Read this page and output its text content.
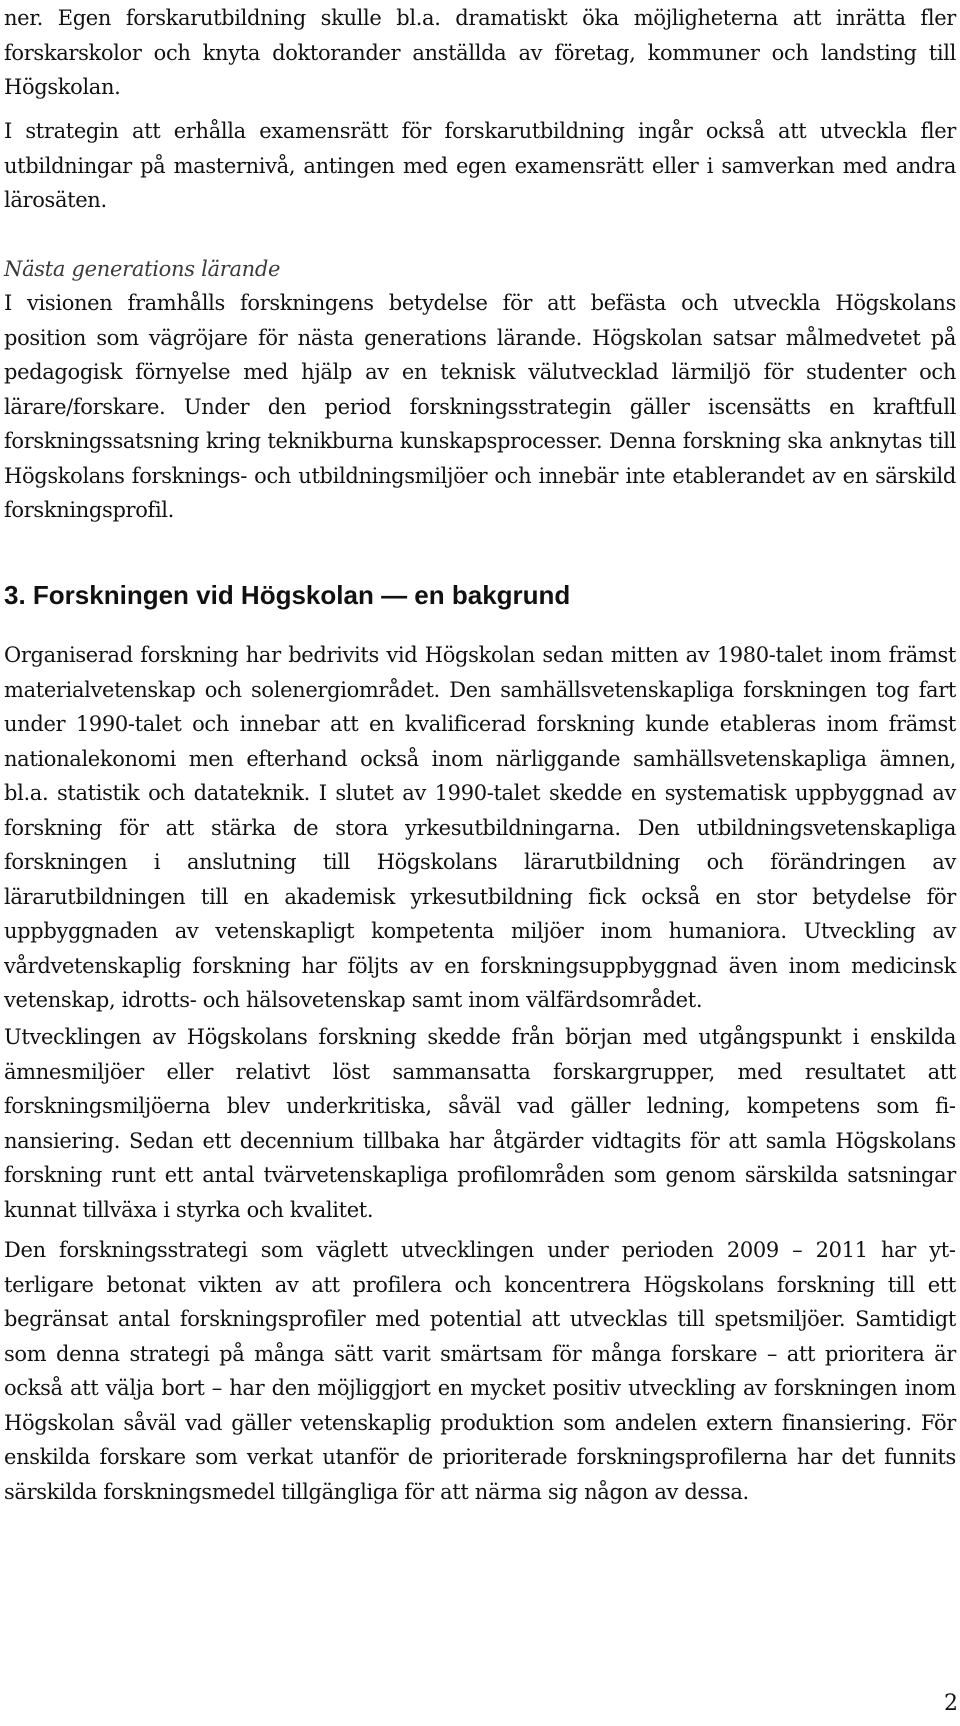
ner. Egen forskarutbildning skulle bl.a. dramatiskt öka möjligheterna att inrätta fler forskarskolor och knyta doktorander anställda av företag, kommuner och landsting till Högskolan.

I strategin att erhålla examensrätt för forskarutbildning ingår också att utveckla fler utbildningar på masternivå, antingen med egen examensrätt eller i samverkan med andra lärosäten.

Nästa generations lärande

I visionen framhålls forskningens betydelse för att befästa och utveckla Högskolans position som vägröjare för nästa generations lärande. Högskolan satsar målmedvetet på pedagogisk förnyelse med hjälp av en teknisk välutvecklad lärmiljö för studenter och lärare/forskare. Under den period forskningsstrategin gäller iscensätts en kraftfull forskningssatsning kring teknikburna kunskapsprocesser. Denna forskning ska anknytas till Högskolans forsknings- och utbildningsmiljöer och innebär inte etablerandet av en särskild forskningsprofil.

3. Forskningen vid Högskolan — en bakgrund

Organiserad forskning har bedrivits vid Högskolan sedan mitten av 1980-talet inom främst materialvetenskap och solenergiområdet. Den samhällsvetenskapliga forskningen tog fart under 1990-talet och innebar att en kvalificerad forskning kunde etableras inom främst nationalekonomi men efterhand också inom närliggande samhällsvetenskapliga ämnen, bl.a. statistik och datateknik. I slutet av 1990-talet skedde en systematisk uppbyggnad av forskning för att stärka de stora yrkesutbildningarna. Den utbildningsvetenskapliga forskningen i anslutning till Högskolans lärarutbildning och förändringen av lärarutbildningen till en akademisk yrkesutbildning fick också en stor betydelse för uppbyggnaden av vetenskapligt kompetenta miljöer inom humaniora. Utveckling av vårdvetenskaplig forskning har följts av en forskningsuppbyggnad även inom medicinsk vetenskap, idrotts- och hälsovetenskap samt inom välfärdsområdet.

Utvecklingen av Högskolans forskning skedde från början med utgångspunkt i enskilda ämnesmiljöer eller relativt löst sammansatta forskargrupper, med resultatet att forskningsmiljöerna blev underkritiska, såväl vad gäller ledning, kompetens som finansiering. Sedan ett decennium tillbaka har åtgärder vidtagits för att samla Högskolans forskning runt ett antal tvärvetenskapliga profilområden som genom särskilda satsningar kunnat tillväxa i styrka och kvalitet.

Den forskningsstrategi som väglett utvecklingen under perioden 2009 – 2011 har ytterligare betonat vikten av att profilera och koncentrera Högskolans forskning till ett begränsat antal forskningsprofiler med potential att utvecklas till spetsmiljöer. Samtidigt som denna strategi på många sätt varit smärtsam för många forskare – att prioritera är också att välja bort – har den möjliggjort en mycket positiv utveckling av forskningen inom Högskolan såväl vad gäller vetenskaplig produktion som andelen extern finansiering. För enskilda forskare som verkat utanför de prioriterade forskningsprofilerna har det funnits särskilda forskningsmedel tillgängliga för att närma sig någon av dessa.

2
